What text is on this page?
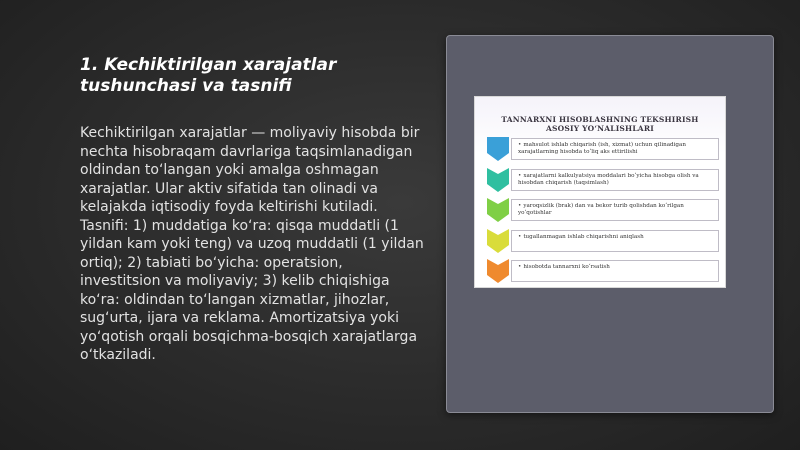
1. Kechiktirilgan xarajatlar tushunchasi va tasnifi
Kechiktirilgan xarajatlar — moliyaviy hisobda bir nechta hisobraqam davrlariga taqsimlanadigan oldindan to‘langan yoki amalga oshmagan xarajatlar. Ular aktiv sifatida tan olinadi va kelajakda iqtisodiy foyda keltirishi kutiladi. Tasnifi: 1) muddatiga ko‘ra: qisqa muddatli (1 yildan kam yoki teng) va uzoq muddatli (1 yildan ortiq); 2) tabiati bo‘yicha: operatsion, investitsion va moliyaviy; 3) kelib chiqishiga ko‘ra: oldindan to‘langan xizmatlar, jihozlar, sug‘urta, ijara va reklama. Amortizatsiya yoki yo‘qotish orqali bosqichma-bosqich xarajatlarga o‘tkaziladi.
TANNARXNI HISOBLASHNING TEKSHIRISH ASOSIY YO‘NALISHLARI
• mahsulot ishlab chiqarish (ish, xizmat) uchun qilinadigan xarajatlarning hisobda to‘liq aks ettirilishi
• xarajatlarni kalkulyatsiya moddalari bo‘yicha hisobga olish va hisobdan chiqarish (taqsimlash)
• yaroqsizlik (brak) dan va bekor turib qolishdan ko‘rilgan yo‘qotishlar
• tugallanmagan ishlab chiqarishni aniqlash
• hisobotda tannarxni ko‘rsatish
